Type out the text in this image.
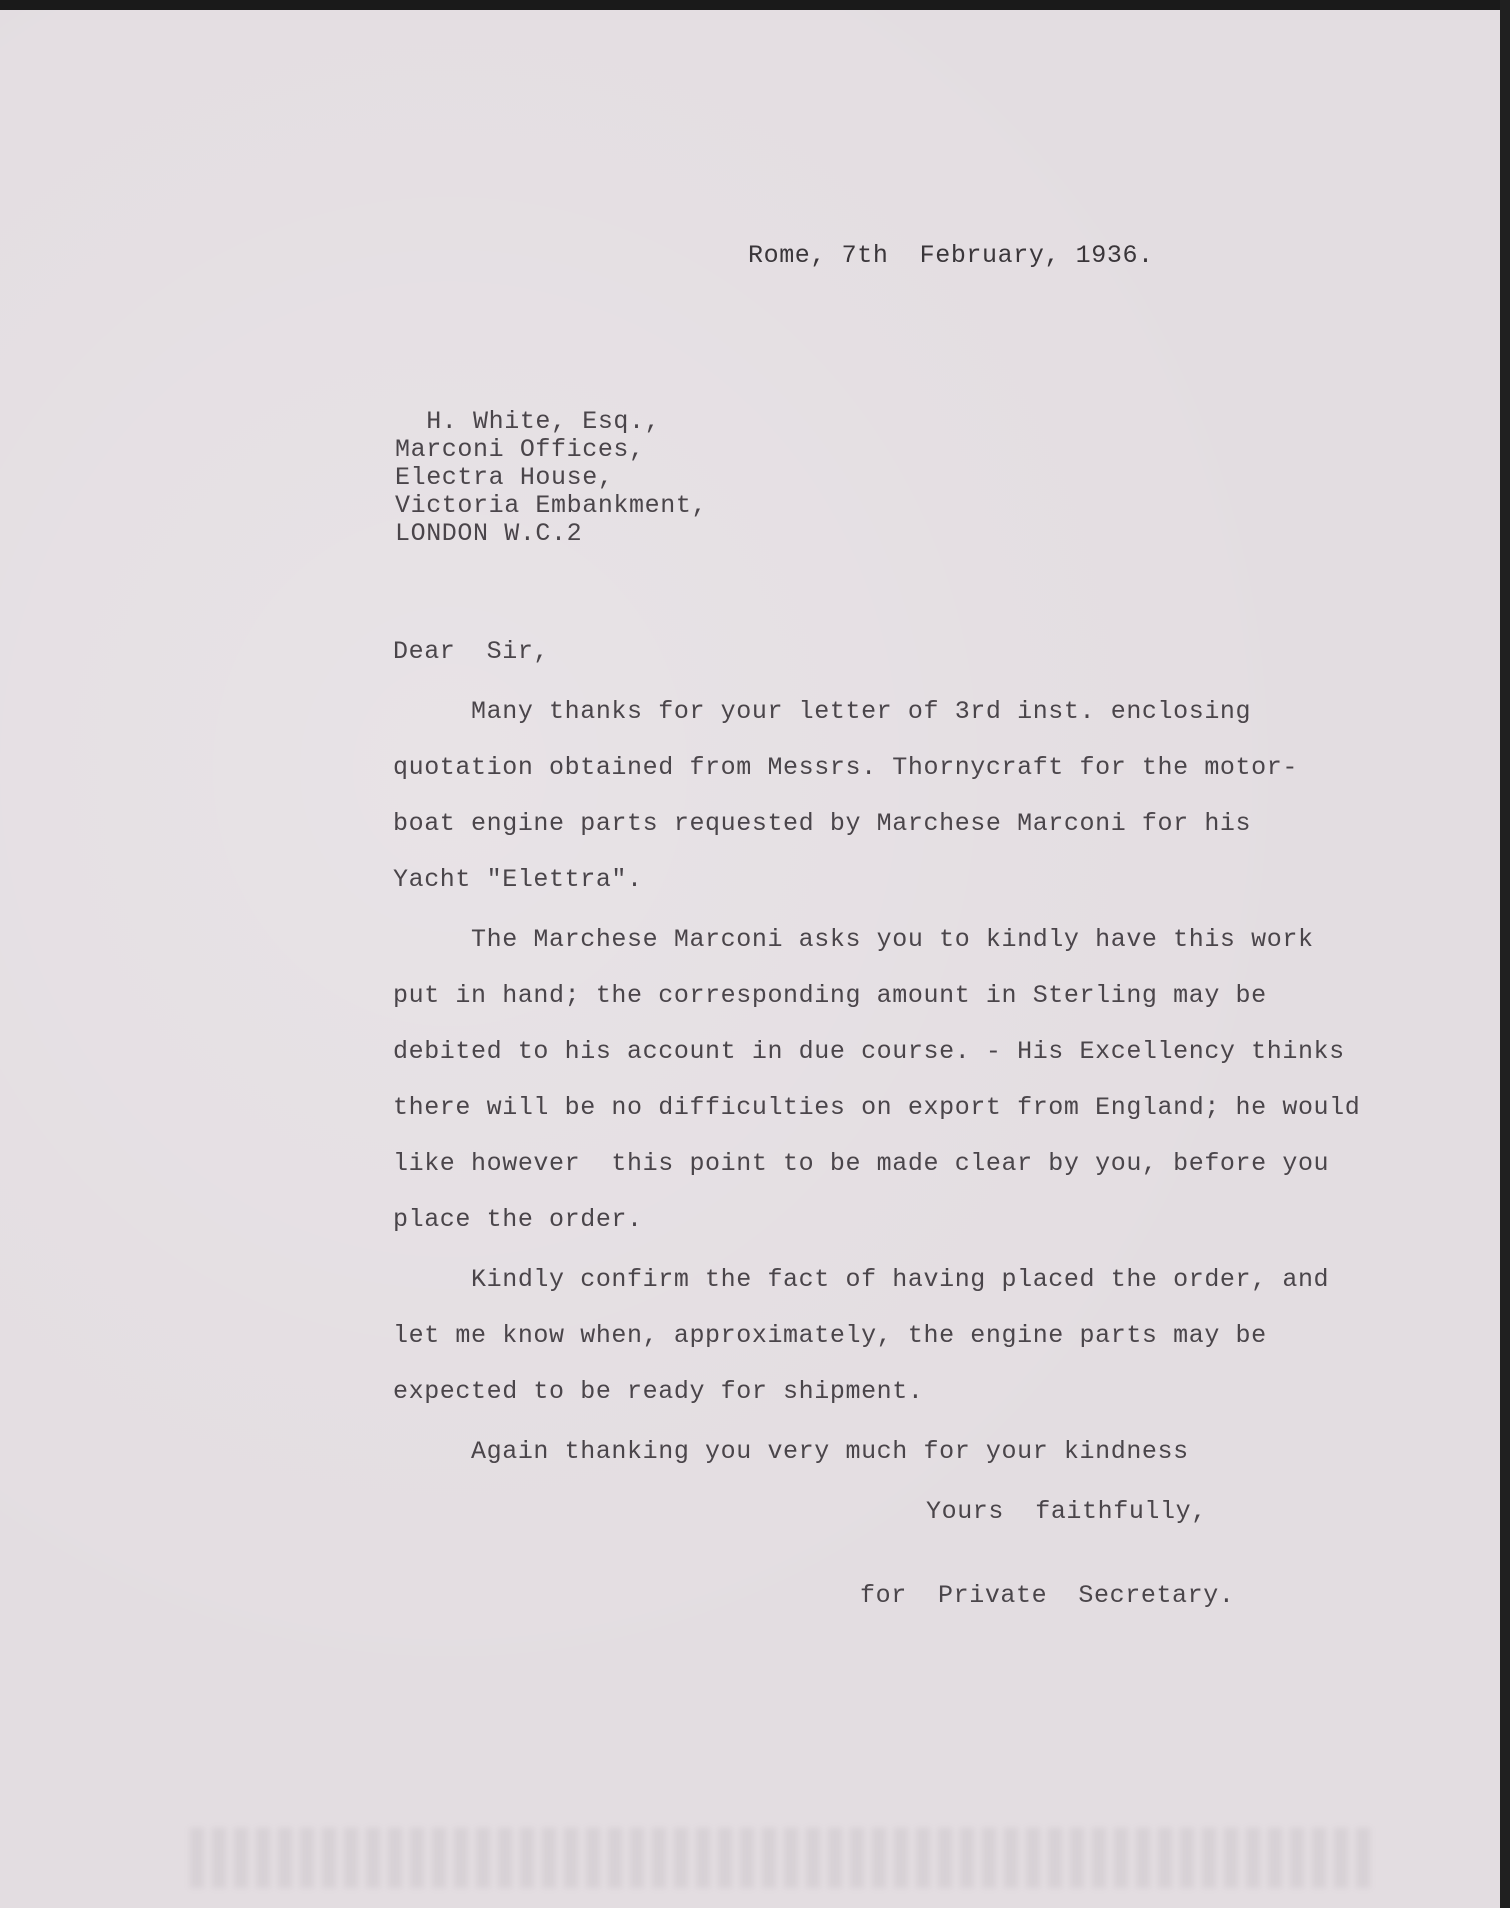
Rome, 7th  February, 1936.
H. White, Esq.,
Marconi Offices,
Electra House,
Victoria Embankment,
LONDON W.C.2
Dear  Sir,
Many thanks for your letter of 3rd inst. enclosing
quotation obtained from Messrs. Thornycraft for the motor-
boat engine parts requested by Marchese Marconi for his
Yacht "Elettra".
The Marchese Marconi asks you to kindly have this work
put in hand; the corresponding amount in Sterling may be
debited to his account in due course. - His Excellency thinks
there will be no difficulties on export from England; he would
like however  this point to be made clear by you, before you
place the order.
Kindly confirm the fact of having placed the order, and
let me know when, approximately, the engine parts may be
expected to be ready for shipment.
Again thanking you very much for your kindness
Yours  faithfully,
for  Private  Secretary.
